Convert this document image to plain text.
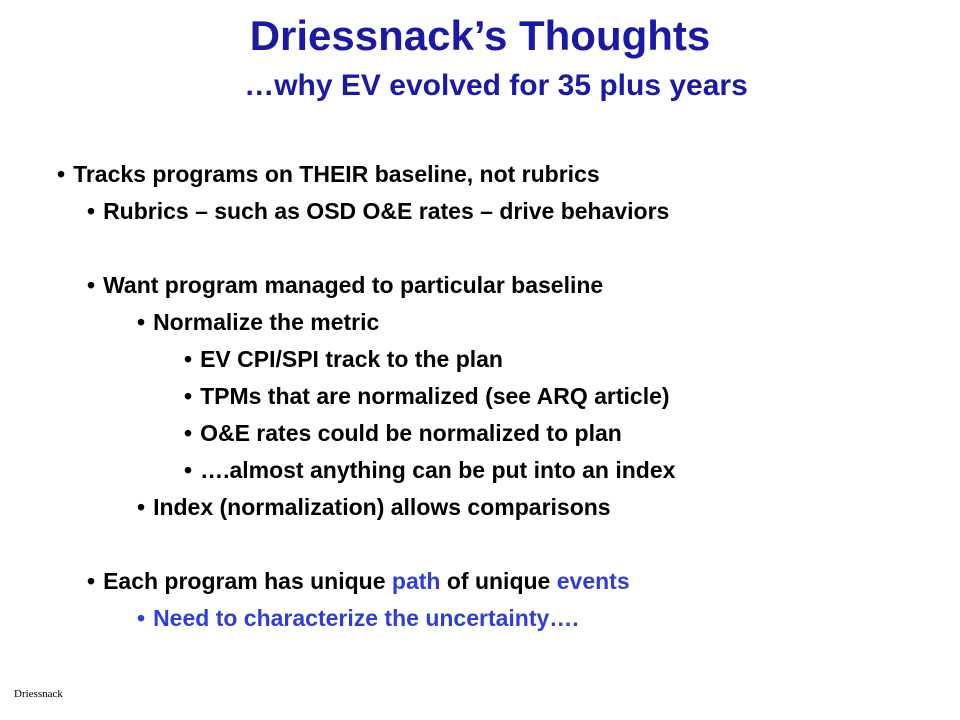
Driessnack’s Thoughts
…why EV evolved for 35 plus years
• Tracks programs on THEIR baseline, not rubrics
• Rubrics – such as OSD O&E rates – drive behaviors
• Want program managed to particular baseline
• Normalize the metric
• EV CPI/SPI track to the plan
• TPMs that are normalized (see ARQ article)
• O&E rates could be normalized to plan
• ….almost anything can be put into an index
• Index (normalization) allows comparisons
• Each program has unique path of unique events
• Need to characterize the uncertainty….
Driessnack
